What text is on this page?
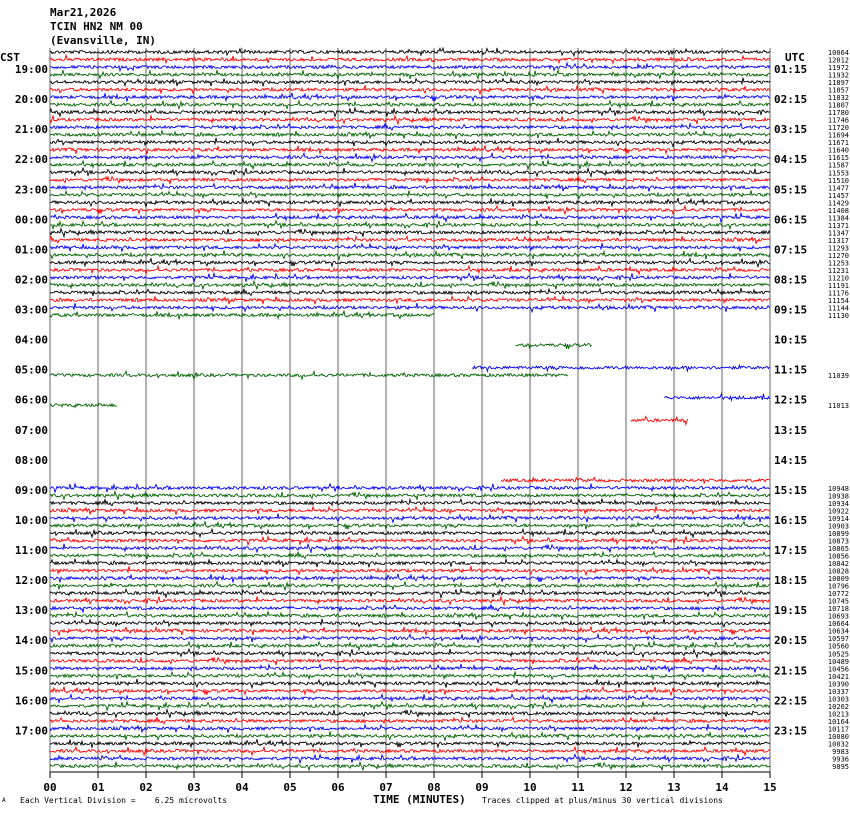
Mar21,2026
TCIN HN2 NM 00
(Evansville, IN)
00	01	02	03	04	05	06	07	08	09	10	11	12	13	14	15
CST	UTC
19:00	01:15
20:00	02:15
21:00	03:15
22:00	04:15
23:00	05:15
00:00	06:15
01:00	07:15
02:00	08:15
03:00	09:15
04:00	10:15
05:00	11:15
06:00	12:15
07:00	13:15
08:00	14:15
09:00	15:15
10:00	16:15
11:00	17:15
12:00	18:15
13:00	19:15
14:00	20:15
15:00	21:15
16:00	22:15
17:00	23:15
10064
12012
11972
11932
11897
11857
11832
11807
11780
11746
11720
11694
11671
11640
11615
11587
11553
11510
11477
11457
11429
11408
11384
11371
11347
11317
11293
11270
11253
11231
11210
11191
11176
11154
11144
11130
11039
11013
10948
10938
10934
10922
10914
10903
10899
10873
10865
10856
10842
10828
10809
10796
10772
10745
10718
10693
10664
10634
10597
10560
10525
10489
10456
10421
10390
10337
10303
10262
10213
10164
10117
10080
10032
9983
9936
9895
A Each Vertical Division =    6.25 microvolts	TIME (MINUTES) Traces clipped at plus/minus 30 vertical divisions
